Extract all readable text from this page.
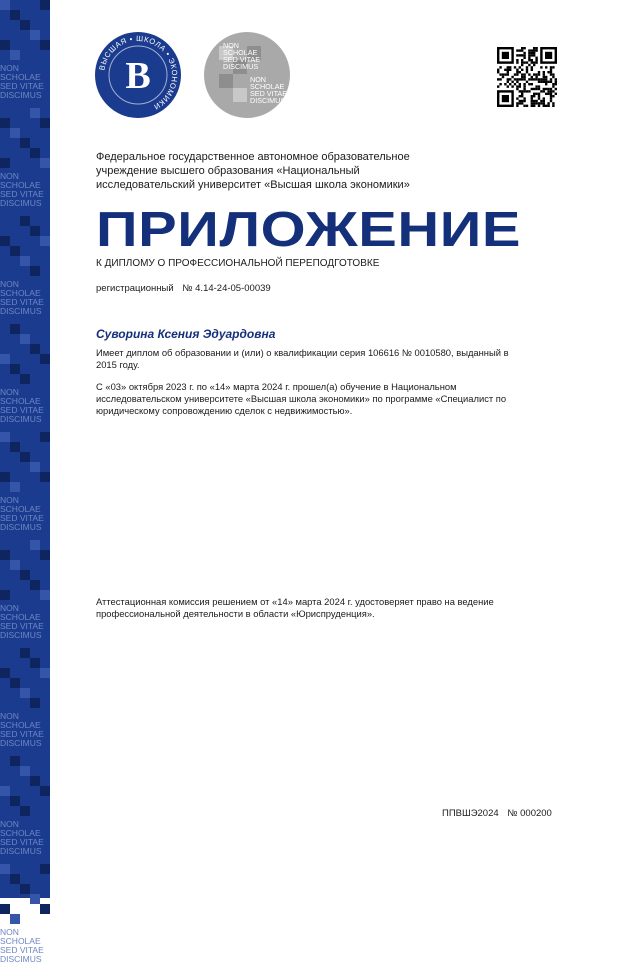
NON
SCHOLAE
SED VITAE
DISCIMUS
NON
SCHOLAE
SED VITAE
DISCIMUS
NON
SCHOLAE
SED VITAE
DISCIMUS
NON
SCHOLAE
SED VITAE
DISCIMUS
NON
SCHOLAE
SED VITAE
DISCIMUS
NON
SCHOLAE
SED VITAE
DISCIMUS
NON
SCHOLAE
SED VITAE
DISCIMUS
NON
SCHOLAE
SED VITAE
DISCIMUS
NON
SCHOLAE
SED VITAE
DISCIMUS
ВЫСШАЯ • ШКОЛА • ЭКОНОМИКИ
В
NON SCHOLAE SED VITAE DISCIMUS
NON SCHOLAE SED VITAE DISCIMUS
Федеральное государственное автономное образовательное учреждение высшего образования «Национальный исследовательский университет «Высшая школа экономики»
ПРИЛОЖЕНИЕ
К ДИПЛОМУ О ПРОФЕССИОНАЛЬНОЙ ПЕРЕПОДГОТОВКЕ
регистрационный № 4.14-24-05-00039
Суворина Ксения Эдуардовна
Имеет диплом об образовании и (или) о квалификации серия 106616 № 0010580, выданный в 2015 году.
С «03» октября 2023 г. по «14» марта 2024 г. прошел(а) обучение в Национальном исследовательском университете «Высшая школа экономики» по программе «Специалист по юридическому сопровождению сделок с недвижимостью».
Аттестационная комиссия решением от «14» марта 2024 г. удостоверяет право на ведение профессиональной деятельности в области «Юриспруденция».
ППВШЭ2024 № 000200
